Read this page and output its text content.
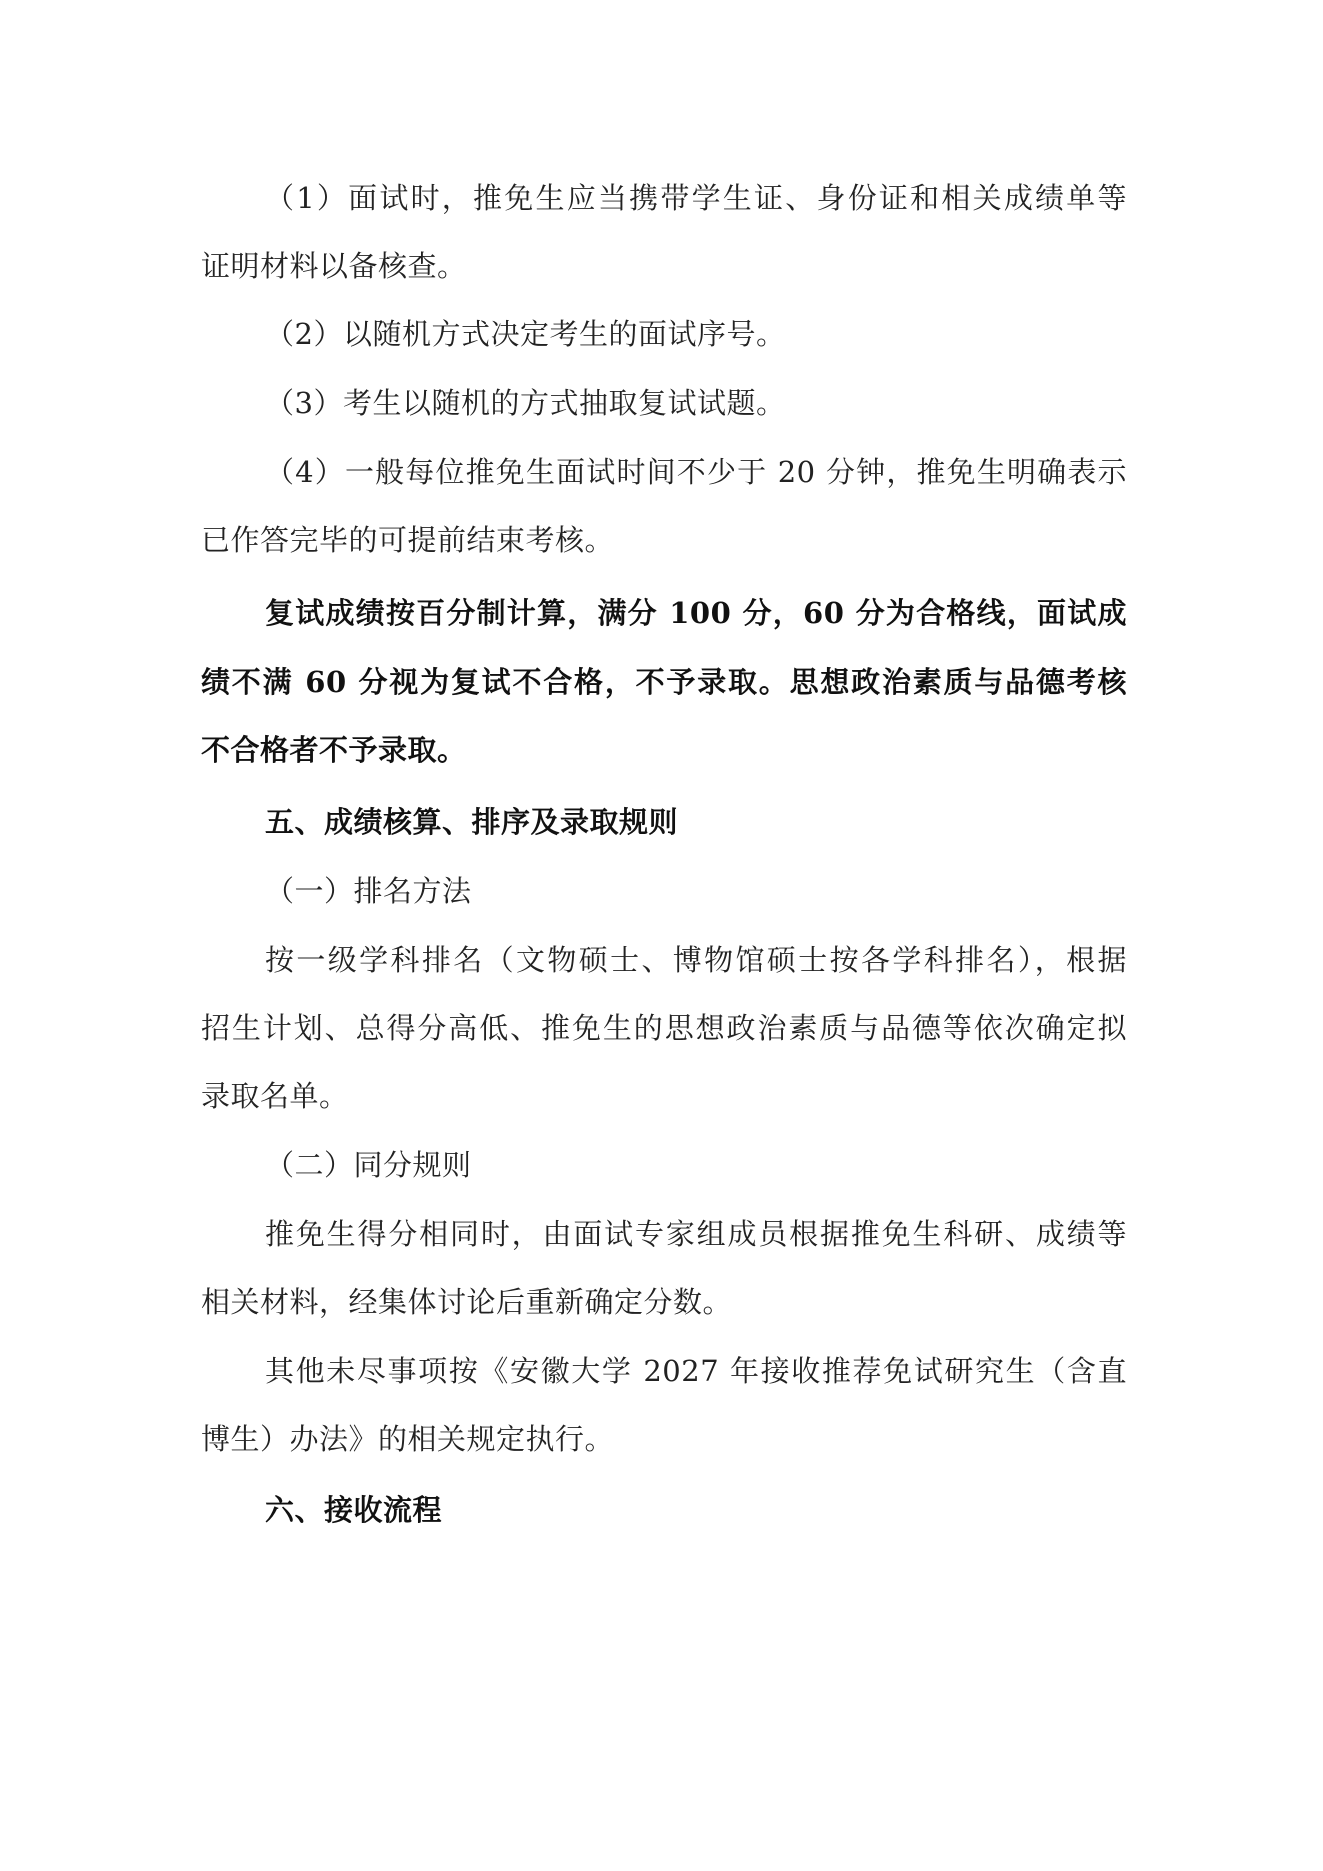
（1）面试时，推免生应当携带学生证、身份证和相关成绩单等
证明材料以备核查。
（2）以随机方式决定考生的面试序号。
（3）考生以随机的方式抽取复试试题。
（4）一般每位推免生面试时间不少于 20 分钟，推免生明确表示
已作答完毕的可提前结束考核。
复试成绩按百分制计算，满分 100 分，60 分为合格线，面试成
绩不满 60 分视为复试不合格，不予录取。思想政治素质与品德考核
不合格者不予录取。
五、成绩核算、排序及录取规则
（一）排名方法
按一级学科排名（文物硕士、博物馆硕士按各学科排名），根据
招生计划、总得分高低、推免生的思想政治素质与品德等依次确定拟
录取名单。
（二）同分规则
推免生得分相同时，由面试专家组成员根据推免生科研、成绩等
相关材料，经集体讨论后重新确定分数。
其他未尽事项按《安徽大学 2027 年接收推荐免试研究生（含直
博生）办法》的相关规定执行。
六、接收流程
